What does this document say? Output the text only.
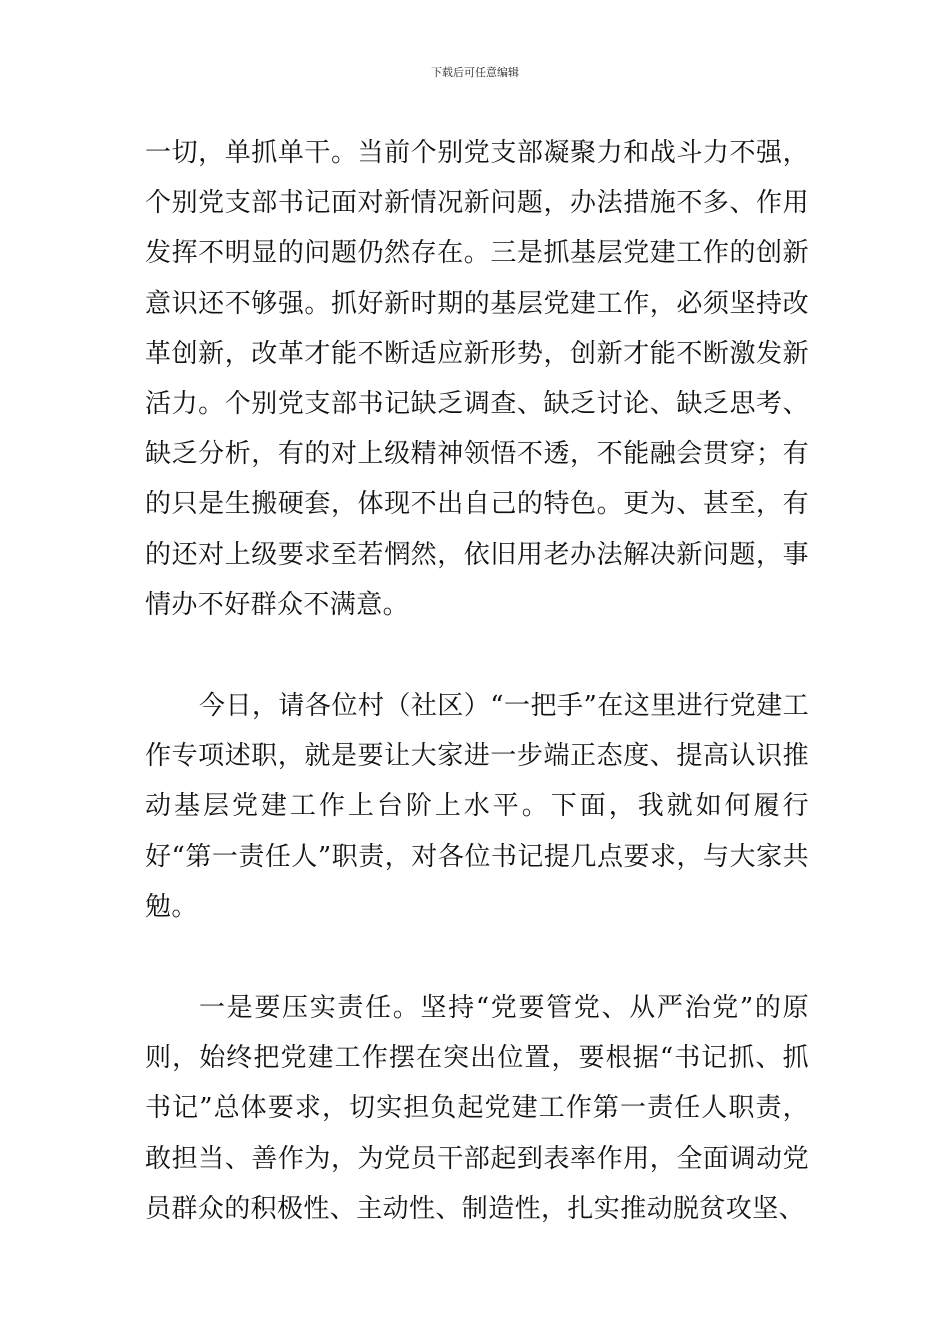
下载后可任意编辑

一切，单抓单干。当前个别党支部凝聚力和战斗力不强，个别党支部书记面对新情况新问题，办法措施不多、作用发挥不明显的问题仍然存在。三是抓基层党建工作的创新意识还不够强。抓好新时期的基层党建工作，必须坚持改革创新，改革才能不断适应新形势，创新才能不断激发新活力。个别党支部书记缺乏调查、缺乏讨论、缺乏思考、缺乏分析，有的对上级精神领悟不透，不能融会贯穿；有的只是生搬硬套，体现不出自己的特色。更为、甚至，有的还对上级要求至若惘然，依旧用老办法解决新问题，事情办不好群众不满意。

今日，请各位村（社区）“一把手”在这里进行党建工作专项述职，就是要让大家进一步端正态度、提高认识推动基层党建工作上台阶上水平。下面，我就如何履行好“第一责任人”职责，对各位书记提几点要求，与大家共勉。

一是要压实责任。坚持“党要管党、从严治党”的原则，始终把党建工作摆在突出位置，要根据“书记抓、抓书记”总体要求，切实担负起党建工作第一责任人职责，敢担当、善作为，为党员干部起到表率作用，全面调动党员群众的积极性、主动性、制造性，扎实推动脱贫攻坚、
